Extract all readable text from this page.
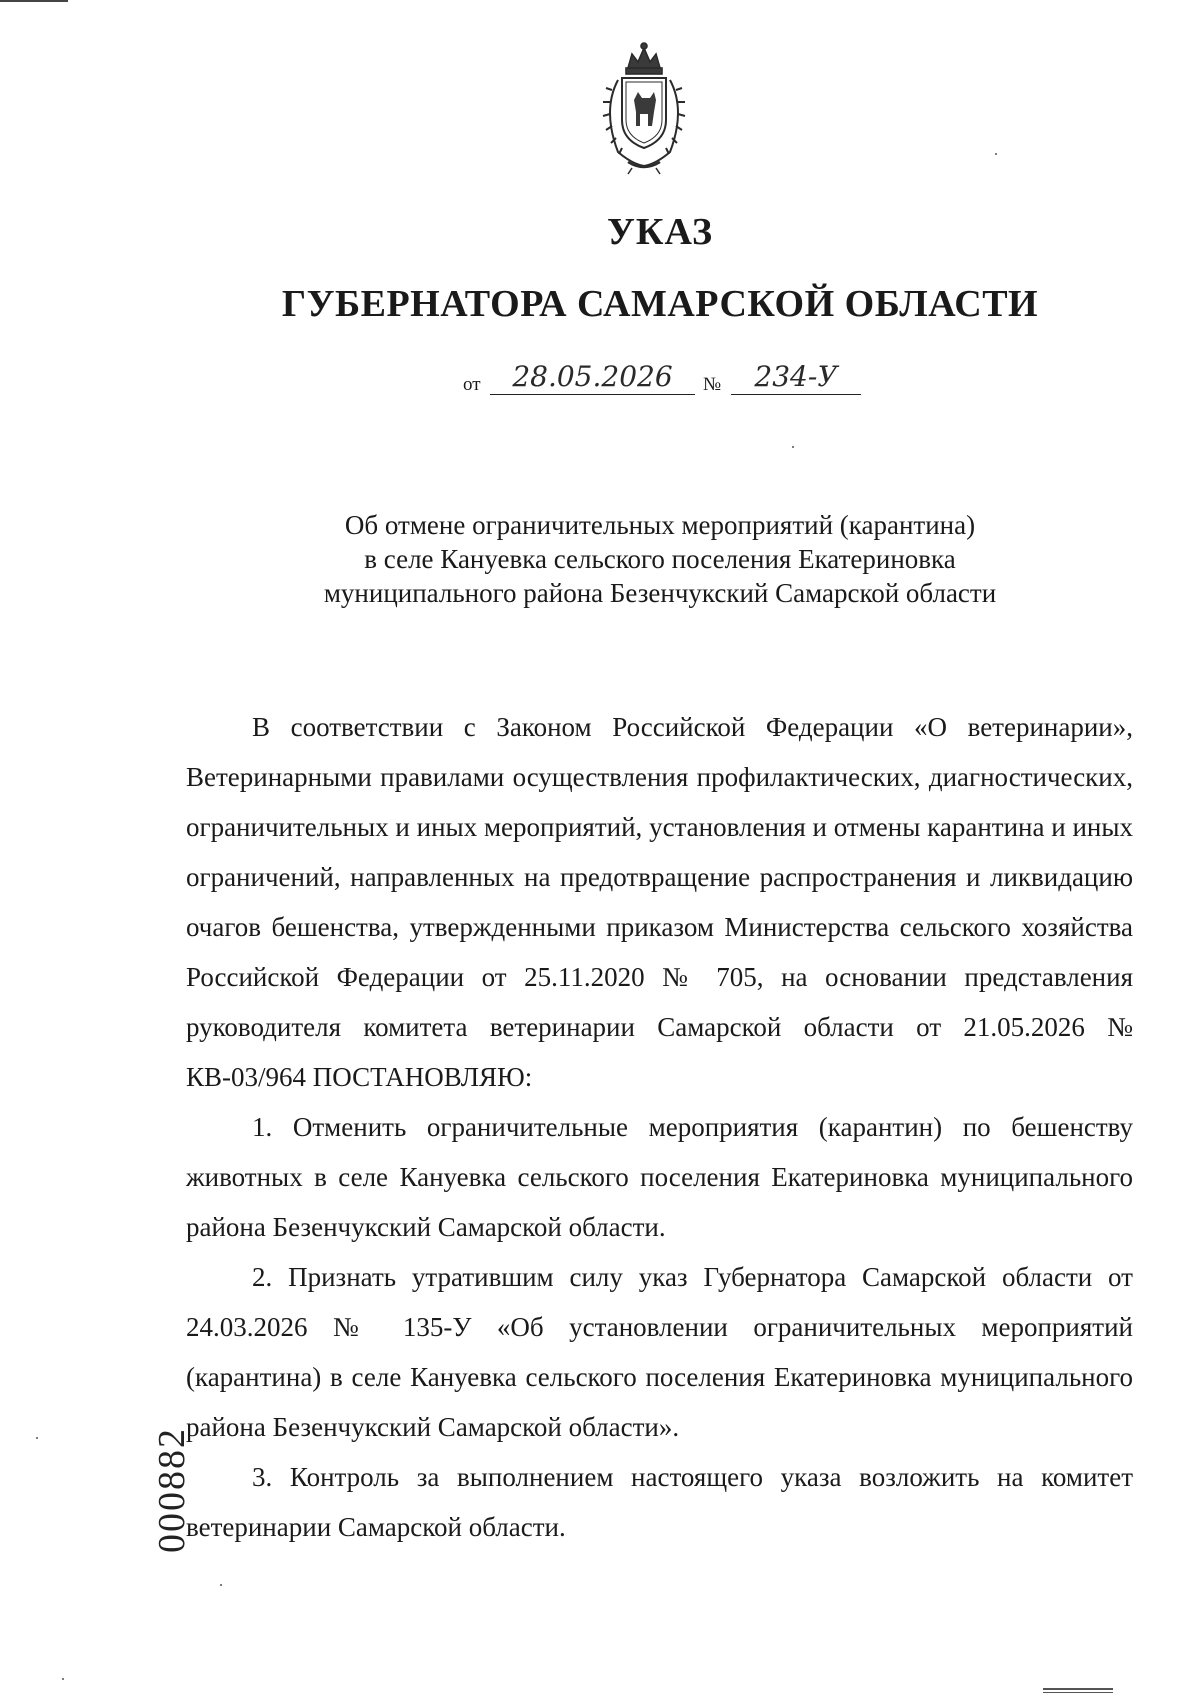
УКАЗ
ГУБЕРНАТОРА САМАРСКОЙ ОБЛАСТИ
от	28.05.2026	№	234-У
Об отмене ограничительных мероприятий (карантина)
в селе Кануевка сельского поселения Екатериновка
муниципального района Безенчукский Самарской области

В соответствии с Законом Российской Федерации «О ветеринарии», Ветеринарными правилами осуществления профилактических, диагностических, ограничительных и иных мероприятий, установления и отмены карантина и иных ограничений, направленных на предотвращение распространения и ликвидацию очагов бешенства, утвержденными приказом Министерства сельского хозяйства Российской Федерации от 25.11.2020 № 705, на основании представления руководителя комитета ветеринарии Самарской области от 21.05.2026 № КВ-03/964 ПОСТАНОВЛЯЮ:

1. Отменить ограничительные мероприятия (карантин) по бешенству животных в селе Кануевка сельского поселения Екатериновка муниципального района Безенчукский Самарской области.

2. Признать утратившим силу указ Губернатора Самарской области от 24.03.2026 № 135-У «Об установлении ограничительных мероприятий (карантина) в селе Кануевка сельского поселения Екатериновка муниципального района Безенчукский Самарской области».

3. Контроль за выполнением настоящего указа возложить на комитет ветеринарии Самарской области.

000882
